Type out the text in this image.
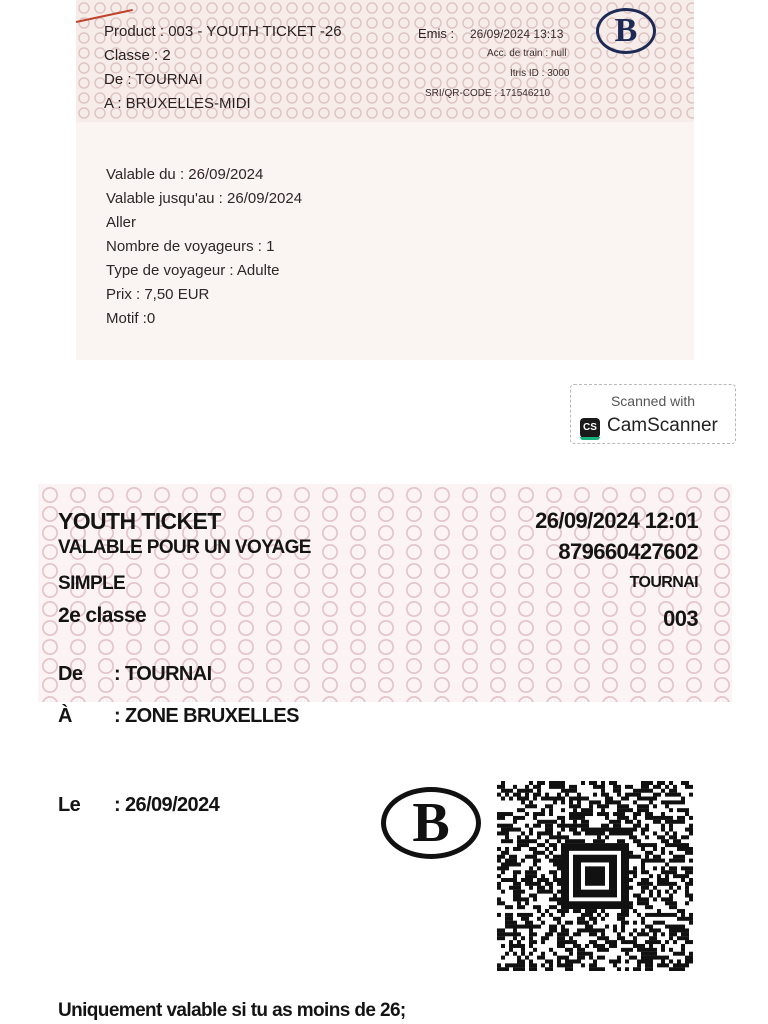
Product : 003 - YOUTH TICKET -26
Classe : 2
De : TOURNAI
A : BRUXELLES-MIDI
Emis : 26/09/2024 13:13
Acc. de train : null
Itris ID : 3000
SRI/QR-CODE : 171546210
B
Valable du : 26/09/2024
Valable jusqu'au : 26/09/2024
Aller
Nombre de voyageurs : 1
Type de voyageur : Adulte
Prix : 7,50 EUR
Motif :0
Scanned with
CS CamScanner
YOUTH TICKET
VALABLE POUR UN VOYAGE
SIMPLE
2e classe
26/09/2024 12:01
879660427602
TOURNAI
003
De : TOURNAI
À : ZONE BRUXELLES
Le : 26/09/2024	B
Uniquement valable si tu as moins de 26;
